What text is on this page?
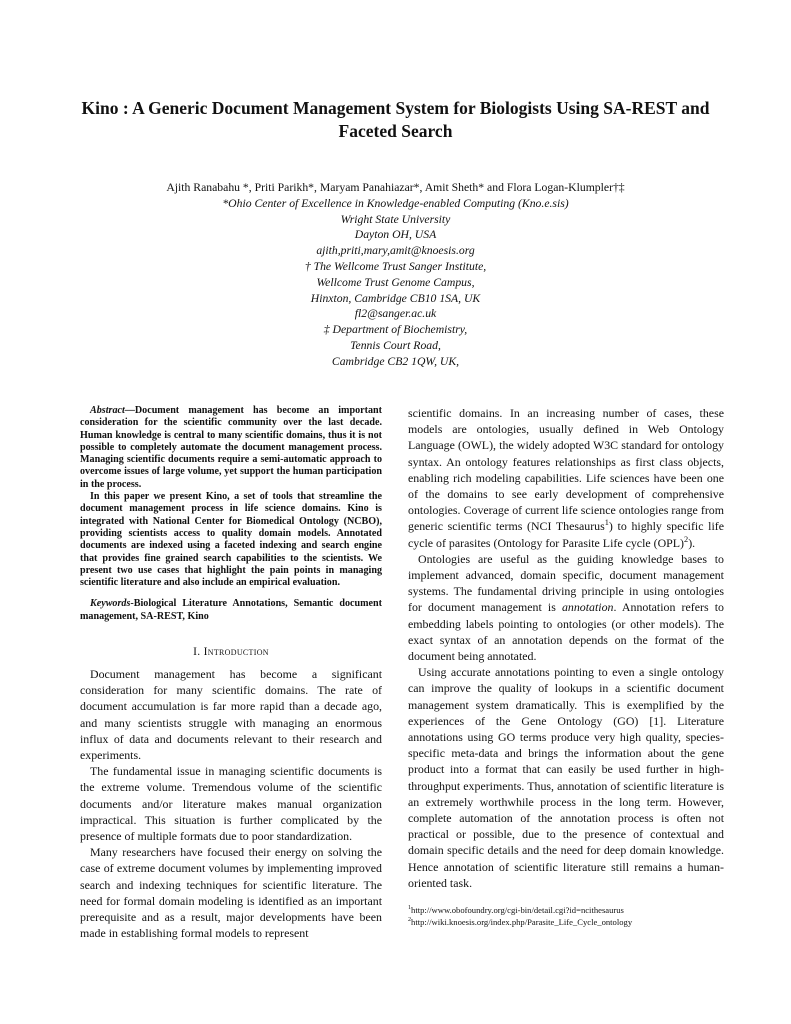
Kino : A Generic Document Management System for Biologists Using SA-REST and
Faceted Search
Ajith Ranabahu *, Priti Parikh*, Maryam Panahiazar*, Amit Sheth* and Flora Logan-Klumpler†‡
*Ohio Center of Excellence in Knowledge-enabled Computing (Kno.e.sis)
Wright State University
Dayton OH, USA
ajith,priti,mary,amit@knoesis.org
† The Wellcome Trust Sanger Institute,
Wellcome Trust Genome Campus,
Hinxton, Cambridge CB10 1SA, UK
fl2@sanger.ac.uk
‡ Department of Biochemistry,
Tennis Court Road,
Cambridge CB2 1QW, UK,

Abstract—Document management has become an important consideration for the scientific community over the last decade. Human knowledge is central to many scientific domains, thus it is not possible to completely automate the document management process. Managing scientific documents require a semi-automatic approach to overcome issues of large volume, yet support the human participation in the process.

In this paper we present Kino, a set of tools that streamline the document management process in life science domains. Kino is integrated with National Center for Biomedical Ontology (NCBO), providing scientists access to quality domain models. Annotated documents are indexed using a faceted indexing and search engine that provides fine grained search capabilities to the scientists. We present two use cases that highlight the pain points in managing scientific literature and also include an empirical evaluation.

Keywords-Biological Literature Annotations, Semantic document management, SA-REST, Kino

I. Introduction

Document management has become a significant consideration for many scientific domains. The rate of document accumulation is far more rapid than a decade ago, and many scientists struggle with managing an enormous influx of data and documents relevant to their research and experiments.

The fundamental issue in managing scientific documents is the extreme volume. Tremendous volume of the scientific documents and/or literature makes manual organization impractical. This situation is further complicated by the presence of multiple formats due to poor standardization.

Many researchers have focused their energy on solving the case of extreme document volumes by implementing improved search and indexing techniques for scientific literature. The need for formal domain modeling is identified as an important prerequisite and as a result, major developments have been made in establishing formal models to represent

scientific domains. In an increasing number of cases, these models are ontologies, usually defined in Web Ontology Language (OWL), the widely adopted W3C standard for ontology syntax. An ontology features relationships as first class objects, enabling rich modeling capabilities. Life sciences have been one of the domains to see early development of comprehensive ontologies. Coverage of current life science ontologies range from generic scientific terms (NCI Thesaurus$^1$) to highly specific life cycle of parasites (Ontology for Parasite Life cycle (OPL)$^2$).

Ontologies are useful as the guiding knowledge bases to implement advanced, domain specific, document management systems. The fundamental driving principle in using ontologies for document management is annotation. Annotation refers to embedding labels pointing to ontologies (or other models). The exact syntax of an annotation depends on the format of the document being annotated.

Using accurate annotations pointing to even a single ontology can improve the quality of lookups in a scientific document management system dramatically. This is exemplified by the experiences of the Gene Ontology (GO) [1]. Literature annotations using GO terms produce very high quality, species-specific meta-data and brings the information about the gene product into a format that can easily be used further in high-throughput experiments. Thus, annotation of scientific literature is an extremely worthwhile process in the long term. However, complete automation of the annotation process is often not practical or possible, due to the presence of contextual and domain specific details and the need for deep domain knowledge. Hence annotation of scientific literature still remains a human-oriented task.

$^1$http://www.obofoundry.org/cgi-bin/detail.cgi?id=ncithesaurus
$^2$http://wiki.knoesis.org/index.php/Parasite_Life_Cycle_ontology
